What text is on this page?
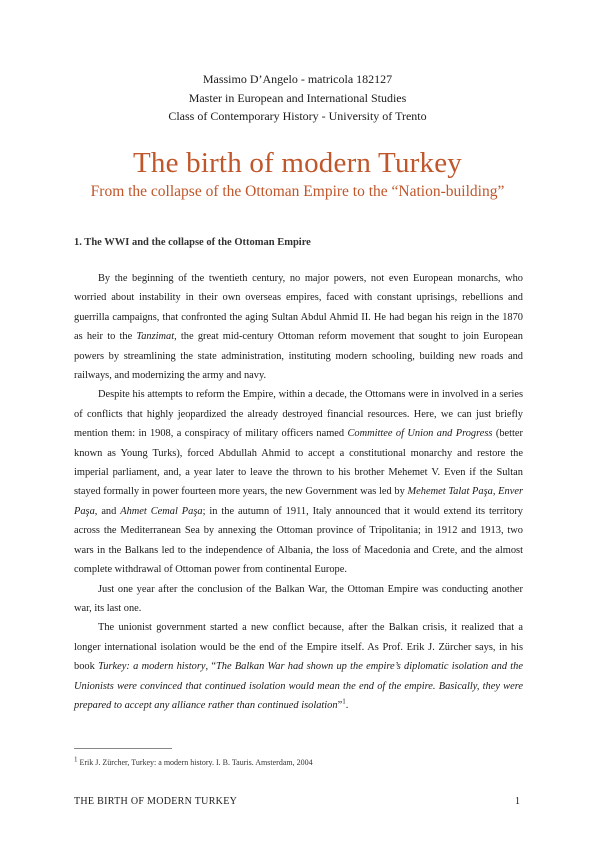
Massimo D’Angelo - matricola 182127
Master in European and International Studies
Class of Contemporary History - University of Trento
The birth of modern Turkey
From the collapse of the Ottoman Empire to the “Nation-building”
1. The WWI and the collapse of the Ottoman Empire

By the beginning of the twentieth century, no major powers, not even European monarchs, who worried about instability in their own overseas empires, faced with constant uprisings, rebellions and guerrilla campaigns, that confronted the aging Sultan Abdul Ahmid II. He had began his reign in the 1870 as heir to the Tanzimat, the great mid-century Ottoman reform movement that sought to join European powers by streamlining the state administration, instituting modern schooling, building new roads and railways, and modernizing the army and navy.

Despite his attempts to reform the Empire, within a decade, the Ottomans were in involved in a series of conflicts that highly jeopardized the already destroyed financial resources. Here, we can just briefly mention them: in 1908, a conspiracy of military officers named Committee of Union and Progress (better known as Young Turks), forced Abdullah Ahmid to accept a constitutional monarchy and restore the imperial parliament, and, a year later to leave the thrown to his brother Mehemet V. Even if the Sultan stayed formally in power fourteen more years, the new Government was led by Mehemet Talat Paşa, Enver Paşa, and Ahmet Cemal Paşa; in the autumn of 1911, Italy announced that it would extend its territory across the Mediterranean Sea by annexing the Ottoman province of Tripolitania; in 1912 and 1913, two wars in the Balkans led to the independence of Albania, the loss of Macedonia and Crete, and the almost complete withdrawal of Ottoman power from continental Europe.

Just one year after the conclusion of the Balkan War, the Ottoman Empire was conducting another war, its last one.

The unionist government started a new conflict because, after the Balkan crisis, it realized that a longer international isolation would be the end of the Empire itself. As Prof. Erik J. Zürcher says, in his book Turkey: a modern history, “The Balkan War had shown up the empire’s diplomatic isolation and the Unionists were convinced that continued isolation would mean the end of the empire. Basically, they were prepared to accept any alliance rather than continued isolation”$^1$.

$^1$ Erik J. Zürcher, Turkey: a modern history. I. B. Tauris. Amsterdam, 2004
THE BIRTH OF MODERN TURKEY	1
